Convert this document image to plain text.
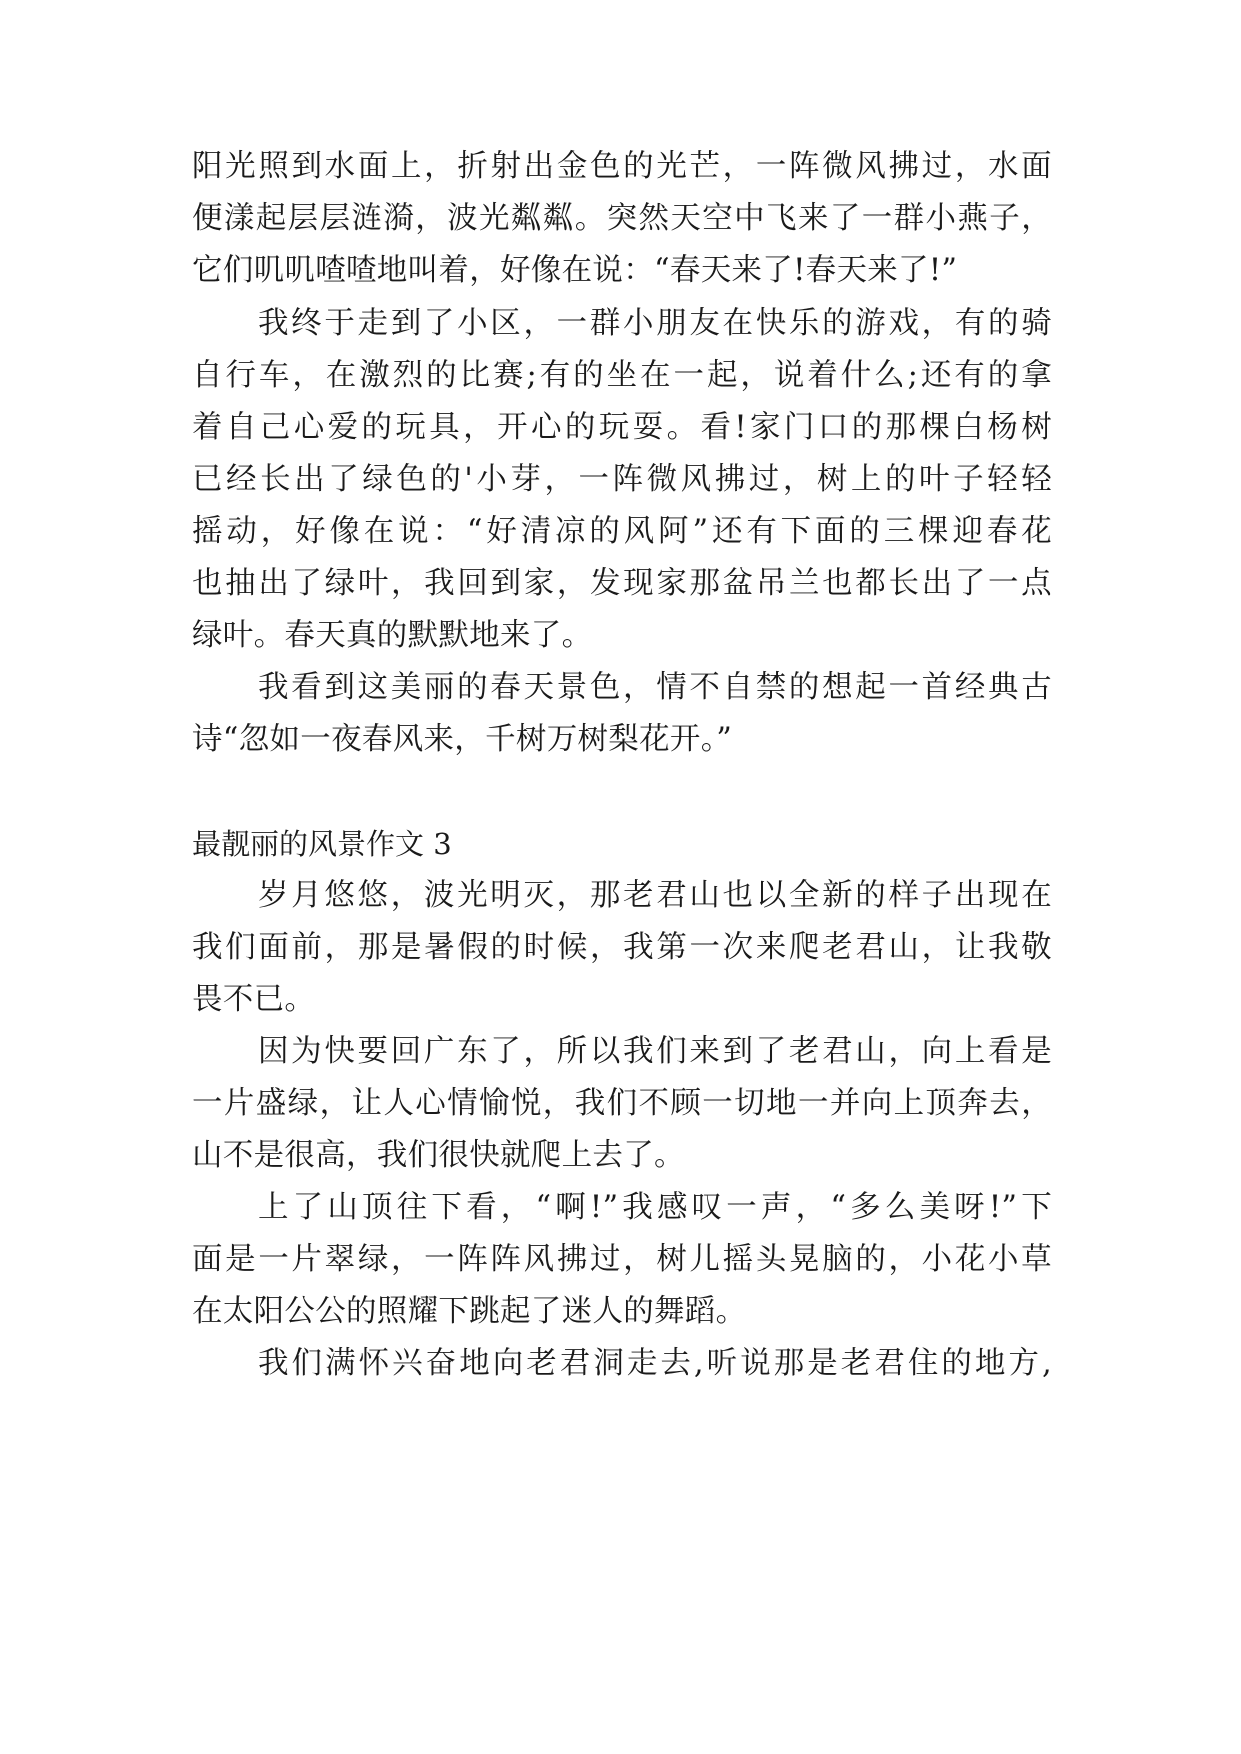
阳光照到水面上，折射出金色的光芒，一阵微风拂过，水面
便漾起层层涟漪，波光粼粼。突然天空中飞来了一群小燕子，
它们叽叽喳喳地叫着，好像在说：“春天来了!春天来了!”
我终于走到了小区，一群小朋友在快乐的游戏，有的骑
自行车，在激烈的比赛;有的坐在一起，说着什么;还有的拿
着自己心爱的玩具，开心的玩耍。看!家门口的那棵白杨树
已经长出了绿色的'小芽，一阵微风拂过，树上的叶子轻轻
摇动，好像在说：“好清凉的风阿”还有下面的三棵迎春花
也抽出了绿叶，我回到家，发现家那盆吊兰也都长出了一点
绿叶。春天真的默默地来了。
我看到这美丽的春天景色，情不自禁的想起一首经典古
诗“忽如一夜春风来，千树万树梨花开。”
最靓丽的风景作文 3
岁月悠悠，波光明灭，那老君山也以全新的样子出现在
我们面前，那是暑假的时候，我第一次来爬老君山，让我敬
畏不已。
因为快要回广东了，所以我们来到了老君山，向上看是
一片盛绿，让人心情愉悦，我们不顾一切地一并向上顶奔去，
山不是很高，我们很快就爬上去了。
上了山顶往下看，“啊!”我感叹一声，“多么美呀!”下
面是一片翠绿，一阵阵风拂过，树儿摇头晃脑的，小花小草
在太阳公公的照耀下跳起了迷人的舞蹈。
我们满怀兴奋地向老君洞走去,听说那是老君住的地方,
